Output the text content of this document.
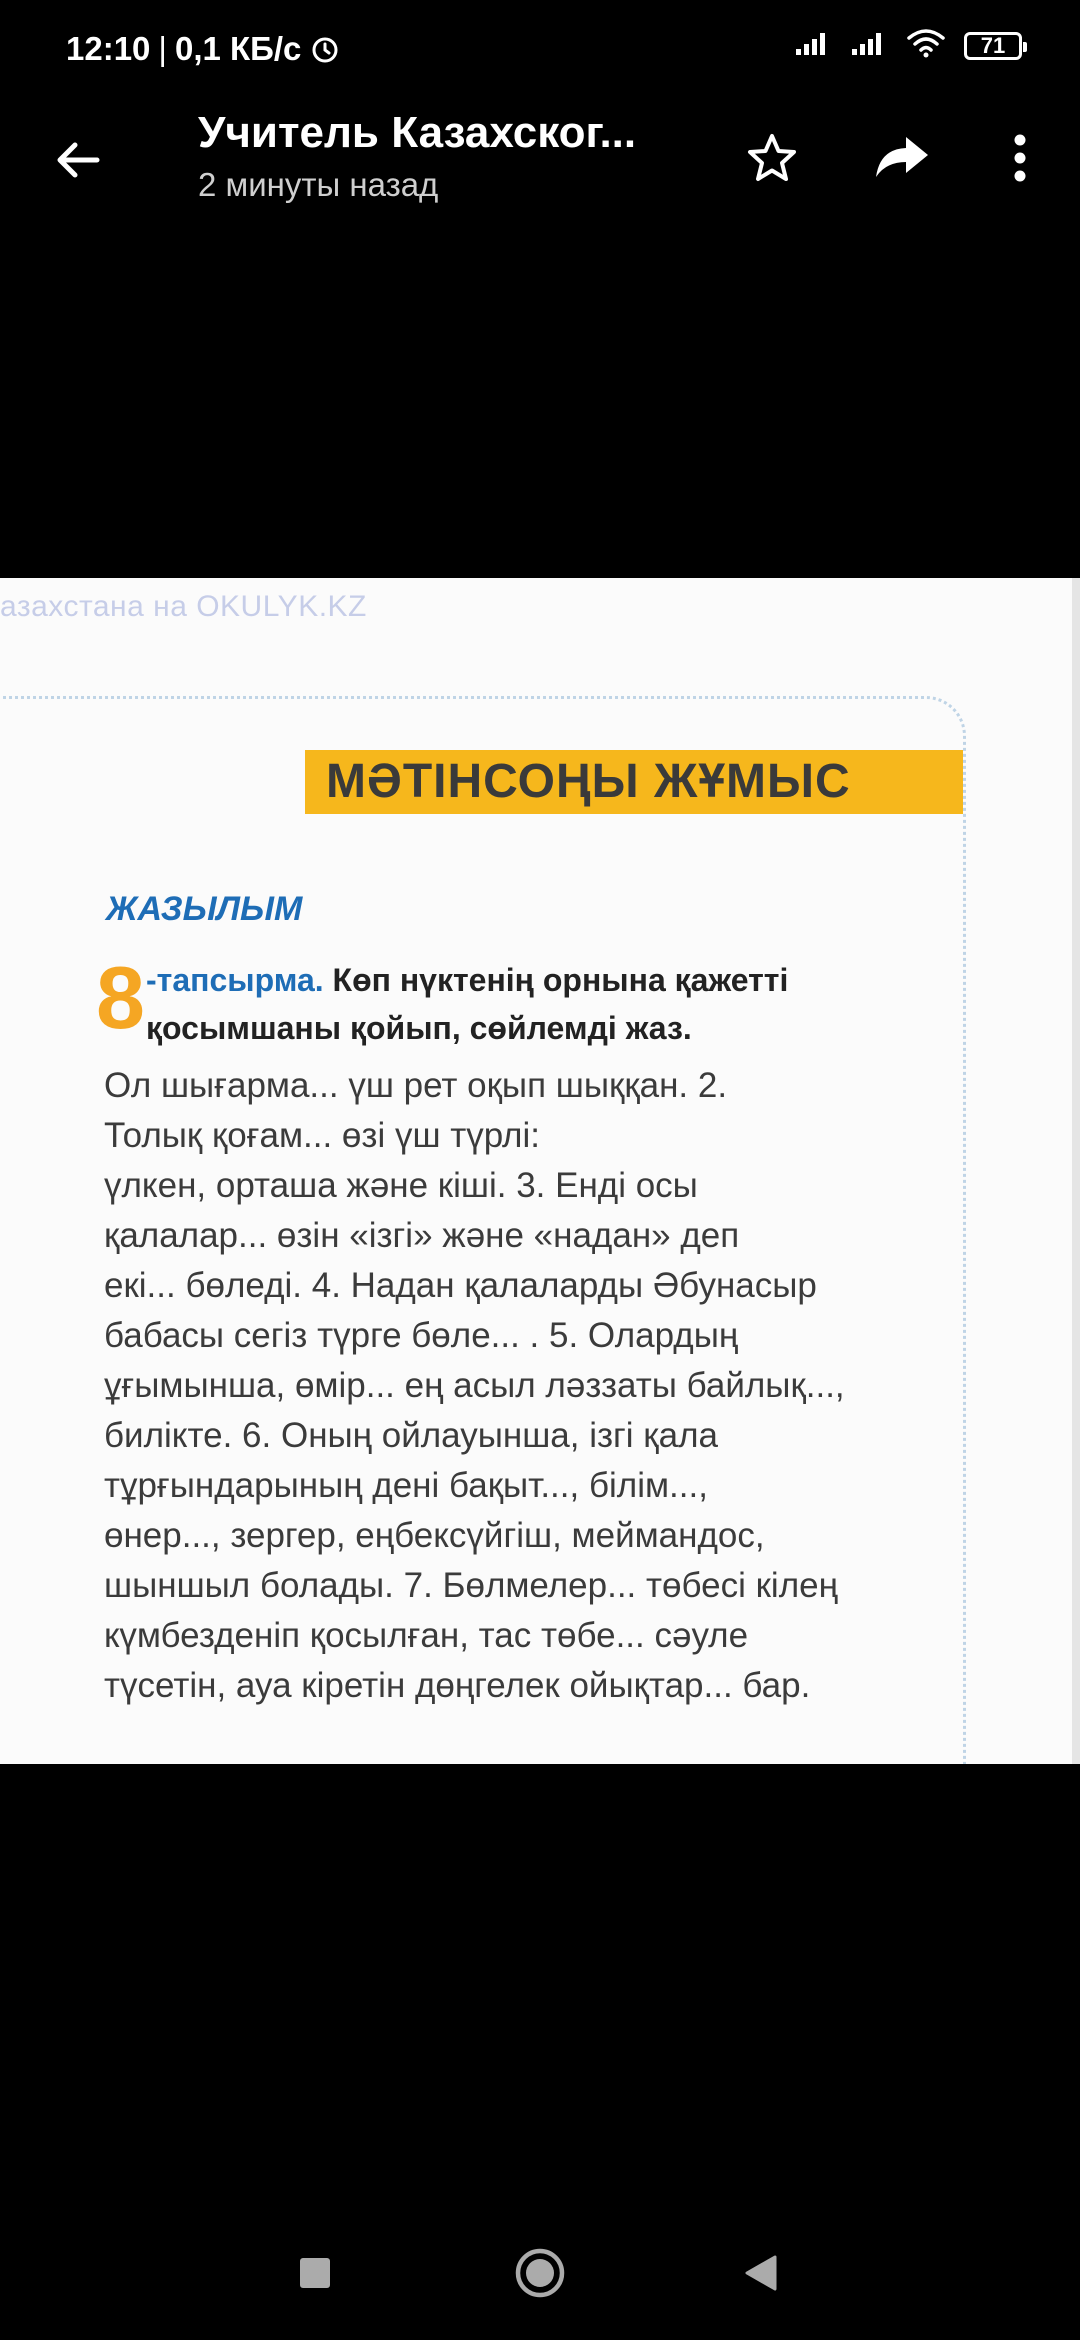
12:10 | 0,1 КБ/с	71
Учитель Казахског...
2 минуты назад
азахстана на OKULYK.KZ
МӘТІНСОҢЫ ЖҰМЫС
ЖАЗЫЛЫМ
8 -тапсырма. Көп нүктенің орнына қажетті
қосымшаны қойып, сөйлемді жаз.
Ол шығарма... үш рет оқып шыққан. 2.
Толық қоғам... өзі үш түрлі:
үлкен, орташа және кіші. 3. Енді осы
қалалар... өзін «ізгі» және «надан» деп
екі... бөледі. 4. Надан қалаларды Әбунасыр
бабасы сегіз түрге бөле... . 5. Олардың
ұғымынша, өмір... ең асыл ләззаты байлық...,
билікте. 6. Оның ойлауынша, ізгі қала
тұрғындарының дені бақыт..., білім...,
өнер..., зергер, еңбексүйгіш, меймандос,
шыншыл болады. 7. Бөлмелер... төбесі кілең
күмбезденіп қосылған, тас төбе... сәуле
түсетін, ауа кіретін дөңгелек ойықтар... бар.
